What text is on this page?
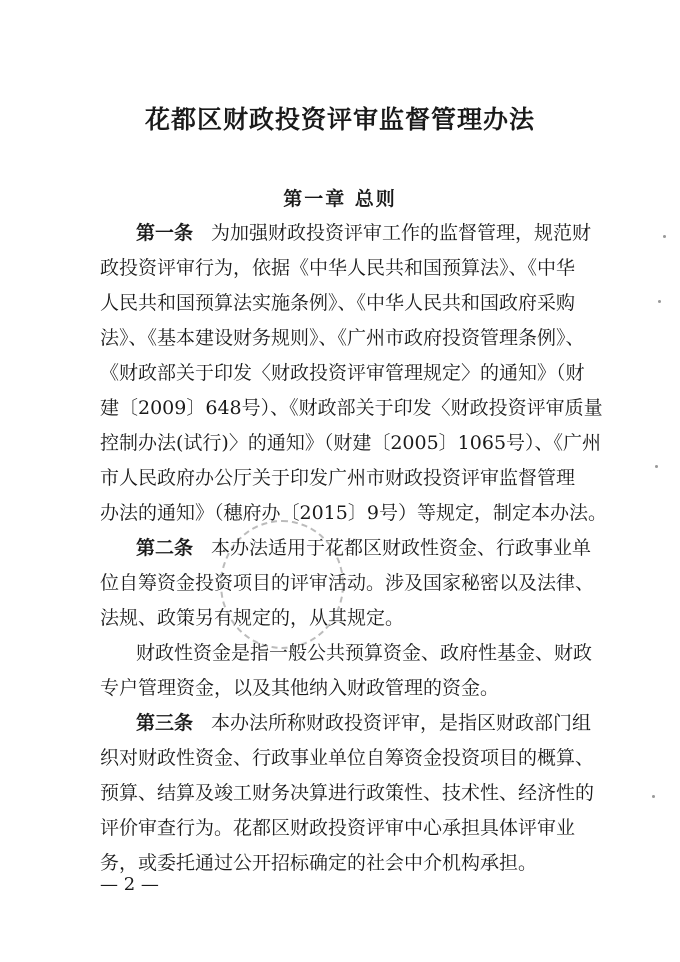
花都区财政投资评审监督管理办法
第一章 总则
第一条 为加强财政投资评审工作的监督管理，规范财
政投资评审行为，依据《中华人民共和国预算法》、《中华
人民共和国预算法实施条例》、《中华人民共和国政府采购
法》、《基本建设财务规则》、《广州市政府投资管理条例》、
《财政部关于印发〈财政投资评审管理规定〉的通知》（财
建〔2009〕648号）、《财政部关于印发〈财政投资评审质量
控制办法(试行)〉的通知》（财建〔2005〕1065号）、《广州
市人民政府办公厅关于印发广州市财政投资评审监督管理
办法的通知》（穗府办〔2015〕9号）等规定，制定本办法。
第二条 本办法适用于花都区财政性资金、行政事业单
位自筹资金投资项目的评审活动。涉及国家秘密以及法律、
法规、政策另有规定的，从其规定。
财政性资金是指一般公共预算资金、政府性基金、财政
专户管理资金，以及其他纳入财政管理的资金。
第三条 本办法所称财政投资评审，是指区财政部门组
织对财政性资金、行政事业单位自筹资金投资项目的概算、
预算、结算及竣工财务决算进行政策性、技术性、经济性的
评价审查行为。花都区财政投资评审中心承担具体评审业
务，或委托通过公开招标确定的社会中介机构承担。
— 2 —
